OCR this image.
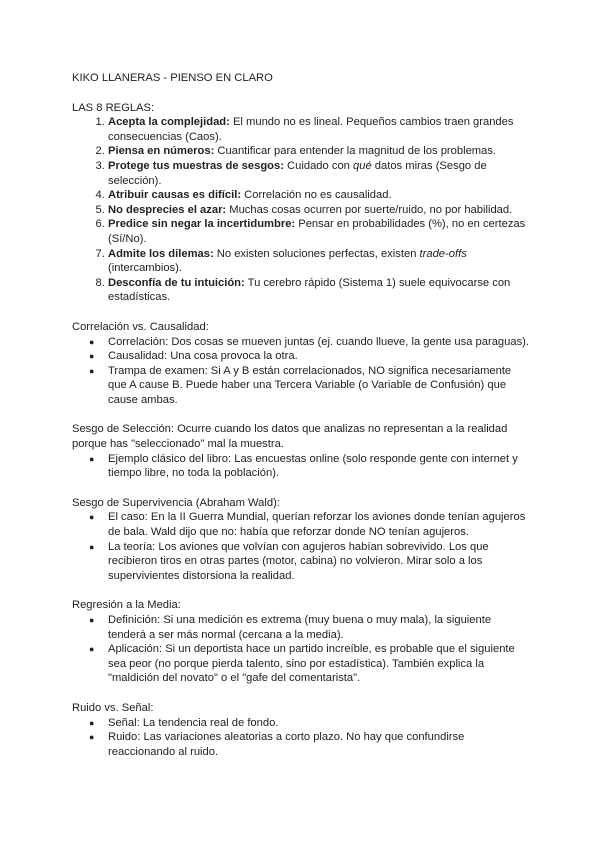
KIKO LLANERAS - PIENSO EN CLARO
LAS 8 REGLAS:
1. Acepta la complejidad: El mundo no es lineal. Pequeños cambios traen grandes consecuencias (Caos).
2. Piensa en números: Cuantificar para entender la magnitud de los problemas.
3. Protege tus muestras de sesgos: Cuidado con qué datos miras (Sesgo de selección).
4. Atribuir causas es difícil: Correlación no es causalidad.
5. No desprecies el azar: Muchas cosas ocurren por suerte/ruido, no por habilidad.
6. Predice sin negar la incertidumbre: Pensar en probabilidades (%), no en certezas (Sí/No).
7. Admite los dilemas: No existen soluciones perfectas, existen trade-offs (intercambios).
8. Desconfía de tu intuición: Tu cerebro rápido (Sistema 1) suele equivocarse con estadísticas.
Correlación vs. Causalidad:
● Correlación: Dos cosas se mueven juntas (ej. cuando llueve, la gente usa paraguas).
● Causalidad: Una cosa provoca la otra.
● Trampa de examen: Si A y B están correlacionados, NO significa necesariamente que A cause B. Puede haber una Tercera Variable (o Variable de Confusión) que cause ambas.
Sesgo de Selección: Ocurre cuando los datos que analizas no representan a la realidad porque has "seleccionado" mal la muestra.
● Ejemplo clásico del libro: Las encuestas online (solo responde gente con internet y tiempo libre, no toda la población).
Sesgo de Supervivencia (Abraham Wald):
● El caso: En la II Guerra Mundial, querían reforzar los aviones donde tenían agujeros de bala. Wald dijo que no: había que reforzar donde NO tenían agujeros.
● La teoría: Los aviones que volvían con agujeros habían sobrevivido. Los que recibieron tiros en otras partes (motor, cabina) no volvieron. Mirar solo a los supervivientes distorsiona la realidad.
Regresión a la Media:
● Definición: Si una medición es extrema (muy buena o muy mala), la siguiente tenderá a ser más normal (cercana a la media).
● Aplicación: Si un deportista hace un partido increíble, es probable que el siguiente sea peor (no porque pierda talento, sino por estadística). También explica la "maldición del novato" o el "gafe del comentarista".
Ruido vs. Señal:
● Señal: La tendencia real de fondo.
● Ruido: Las variaciones aleatorias a corto plazo. No hay que confundirse reaccionando al ruido.
